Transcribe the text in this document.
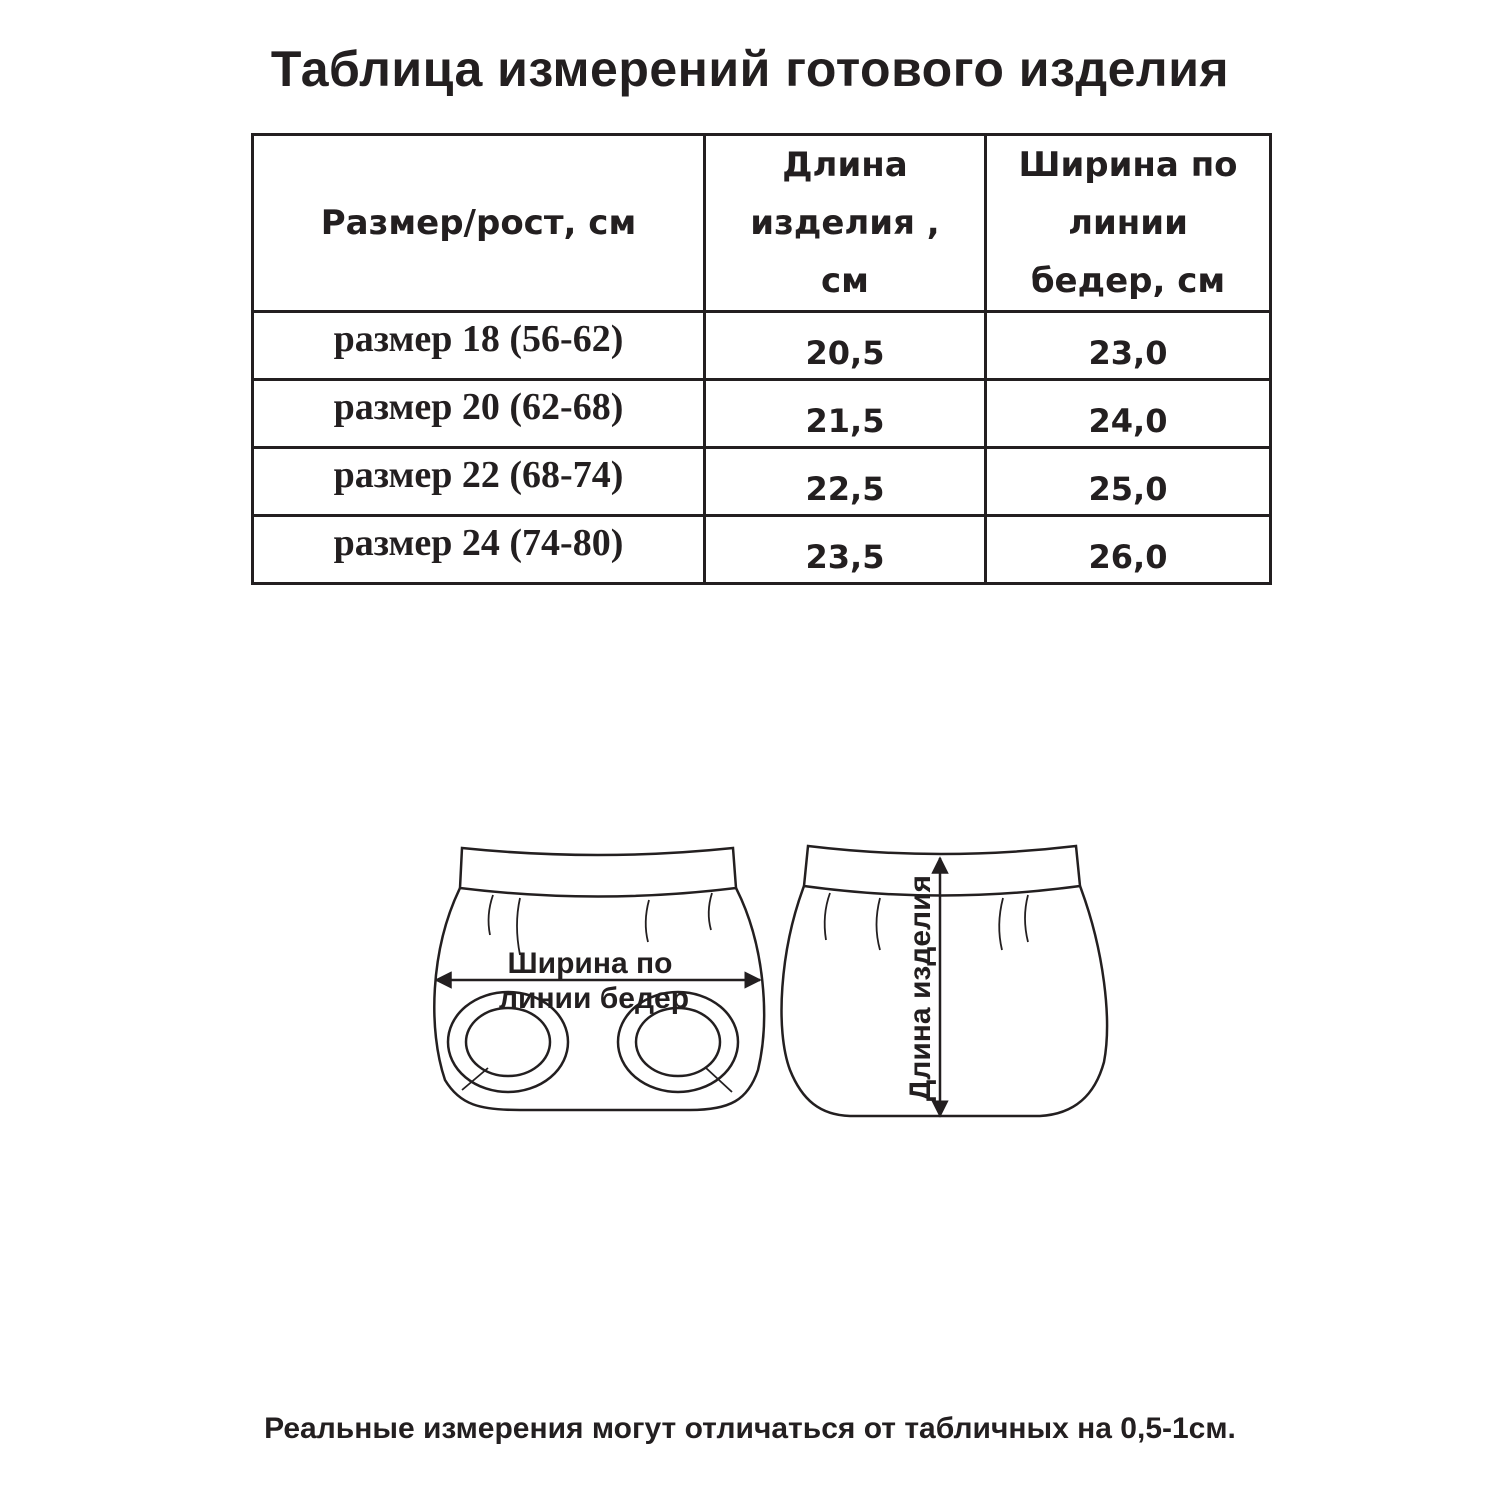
Таблица измерений готового изделия
Размер/рост, см	Длина изделия , см	Ширина по линии бедер, см

размер 18 (56-62)	20,5	23,0

размер 20 (62-68)	21,5	24,0

размер 22 (68-74)	22,5	25,0

размер 24 (74-80)	23,5	26,0
Ширина по
линии бедер	Длина изделия
Реальные измерения могут отличаться от табличных на 0,5-1см.
